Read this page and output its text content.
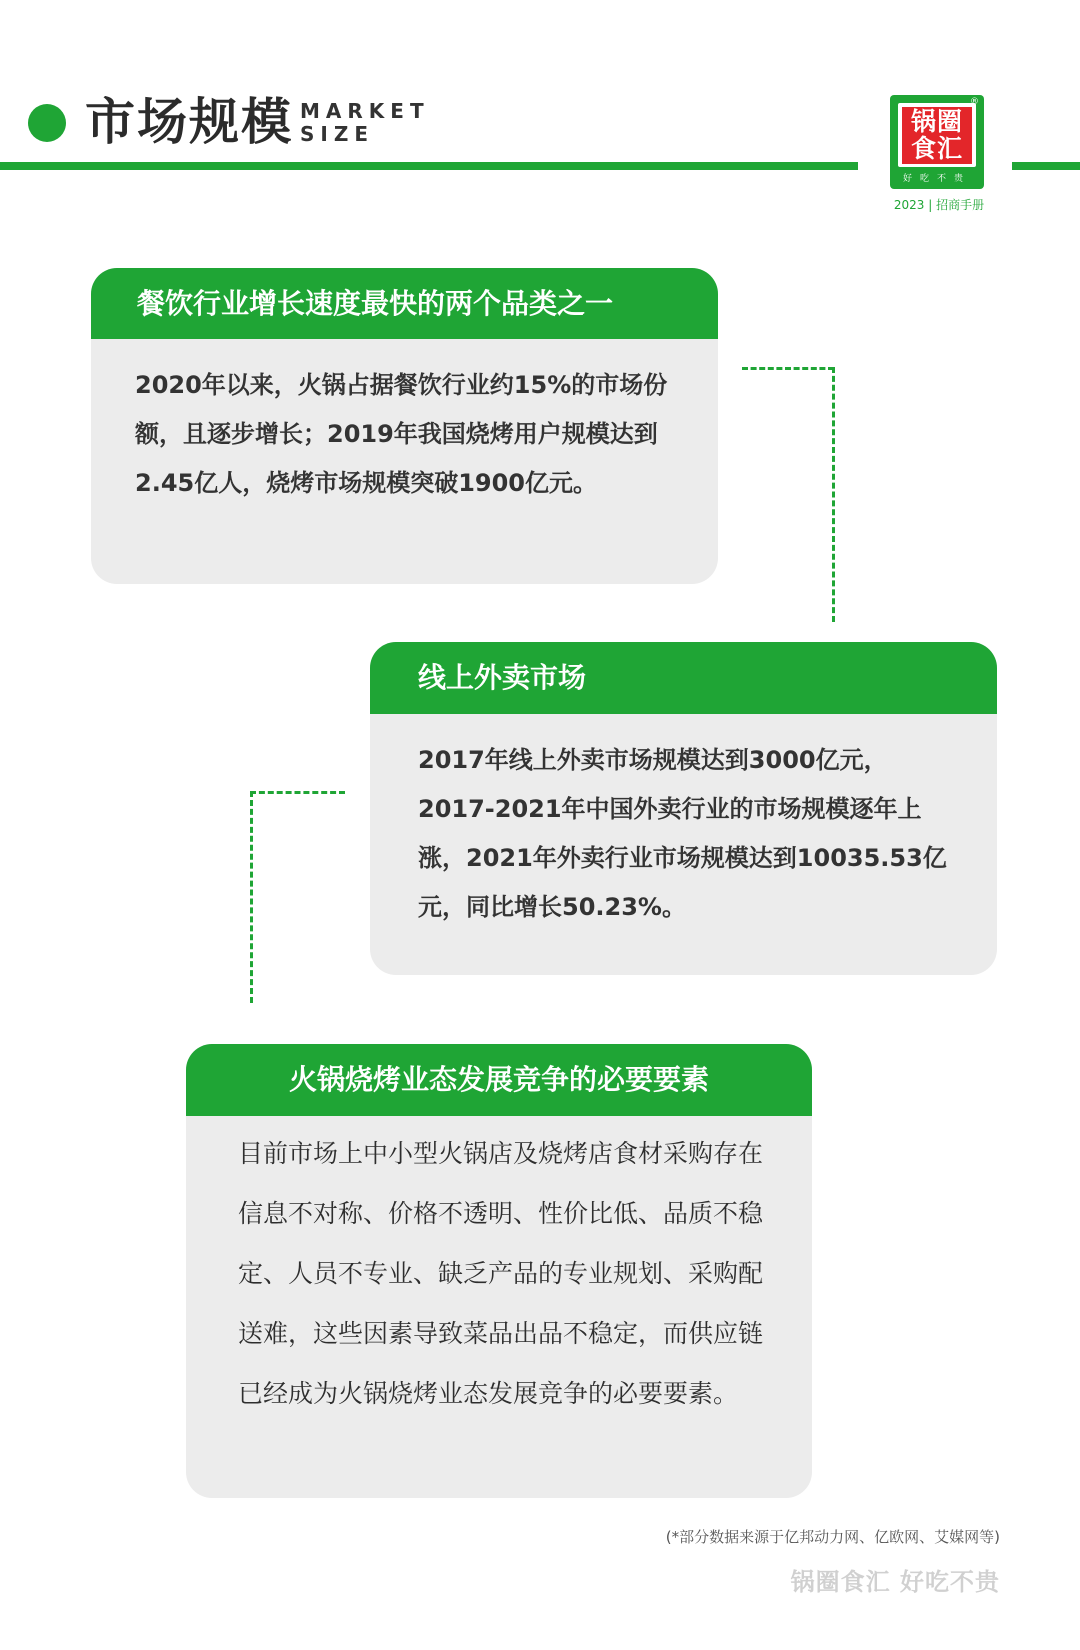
市场规模 MARKET
SIZE	锅圈
食汇
好吃不贵
®
2023 | 招商手册
餐饮行业增长速度最快的两个品类之一
2020年以来，火锅占据餐饮行业约15%的市场份额，且逐步增长；2019年我国烧烤用户规模达到2.45亿人，烧烤市场规模突破1900亿元。
线上外卖市场
2017年线上外卖市场规模达到3000亿元，2017-2021年中国外卖行业的市场规模逐年上涨，2021年外卖行业市场规模达到10035.53亿元，同比增长50.23%。
火锅烧烤业态发展竞争的必要要素
目前市场上中小型火锅店及烧烤店食材采购存在信息不对称、价格不透明、性价比低、品质不稳定、人员不专业、缺乏产品的专业规划、采购配送难，这些因素导致菜品出品不稳定，而供应链已经成为火锅烧烤业态发展竞争的必要要素。
(*部分数据来源于亿邦动力网、亿欧网、艾媒网等)
锅圈食汇 好吃不贵
